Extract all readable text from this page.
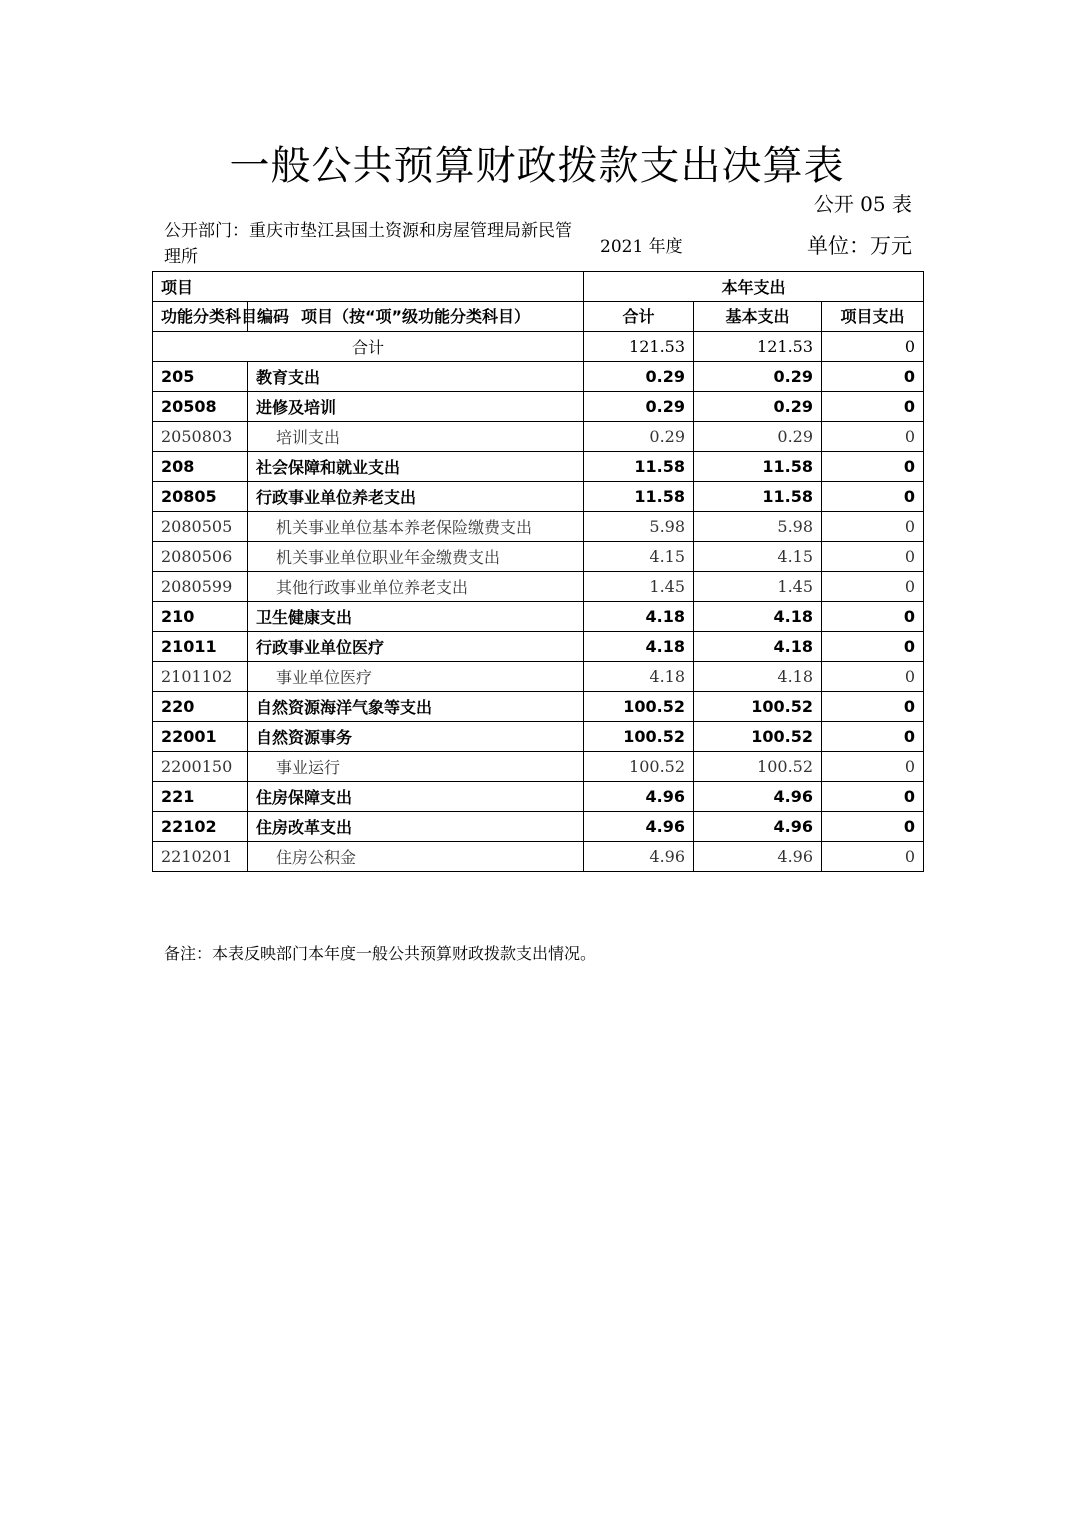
一般公共预算财政拨款支出决算表
公开 05 表
公开部门：重庆市垫江县国土资源和房屋管理局新民管理所	2021 年度	单位：万元
项目		本年支出		
功能分类科目编码	项目（按“项”级功能分类科目）	合计	基本支出	项目支出
合计		121.53	121.53	0
205	教育支出	0.29	0.29	0
20508	进修及培训	0.29	0.29	0
2050803	培训支出	0.29	0.29	0
208	社会保障和就业支出	11.58	11.58	0
20805	行政事业单位养老支出	11.58	11.58	0
2080505	机关事业单位基本养老保险缴费支出	5.98	5.98	0
2080506	机关事业单位职业年金缴费支出	4.15	4.15	0
2080599	其他行政事业单位养老支出	1.45	1.45	0
210	卫生健康支出	4.18	4.18	0
21011	行政事业单位医疗	4.18	4.18	0
2101102	事业单位医疗	4.18	4.18	0
220	自然资源海洋气象等支出	100.52	100.52	0
22001	自然资源事务	100.52	100.52	0
2200150	事业运行	100.52	100.52	0
221	住房保障支出	4.96	4.96	0
22102	住房改革支出	4.96	4.96	0
2210201	住房公积金	4.96	4.96	0
备注：本表反映部门本年度一般公共预算财政拨款支出情况。
